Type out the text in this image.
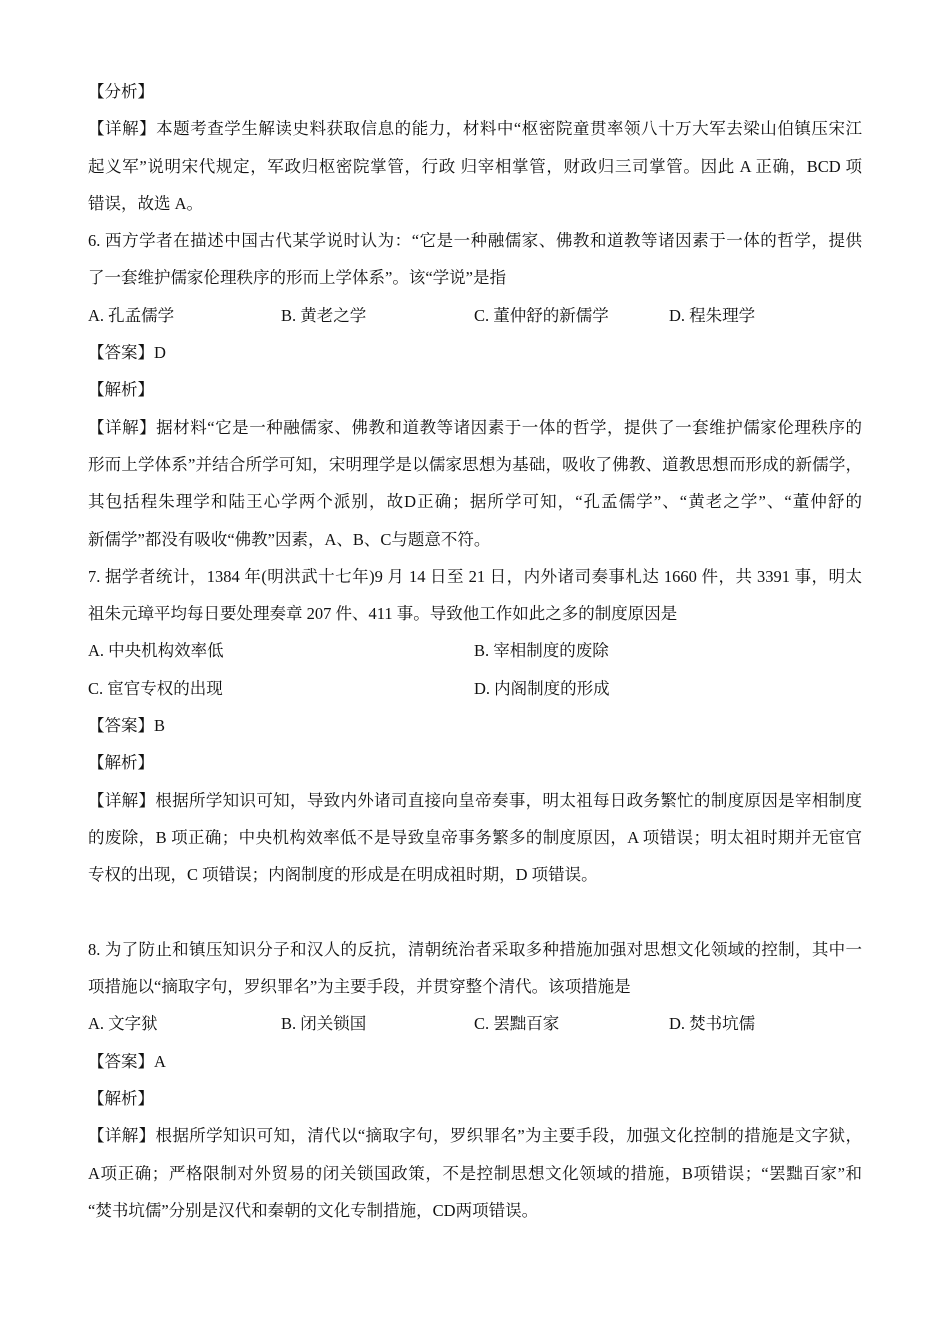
【分析】
【详解】本题考查学生解读史料获取信息的能力，材料中“枢密院童贯率领八十万大军去梁山伯镇压宋江
起义军”说明宋代规定，军政归枢密院掌管，行政 归宰相掌管，财政归三司掌管。因此 A 正确，BCD 项
错误，故选 A。
6. 西方学者在描述中国古代某学说时认为：“它是一种融儒家、佛教和道教等诸因素于一体的哲学，提供
了一套维护儒家伦理秩序的形而上学体系”。该“学说”是指
A. 孔孟儒学	B. 黄老之学	C. 董仲舒的新儒学	D. 程朱理学
【答案】D
【解析】
【详解】据材料“它是一种融儒家、佛教和道教等诸因素于一体的哲学，提供了一套维护儒家伦理秩序的
形而上学体系”并结合所学可知，宋明理学是以儒家思想为基础，吸收了佛教、道教思想而形成的新儒学，
其包括程朱理学和陆王心学两个派别，故D正确；据所学可知，“孔孟儒学”、“黄老之学”、“董仲舒的
新儒学”都没有吸收“佛教”因素，A、B、C与题意不符。
7. 据学者统计，1384 年(明洪武十七年)9 月 14 日至 21 日，内外诸司奏事札达 1660 件，共 3391 事，明太
祖朱元璋平均每日要处理奏章 207 件、411 事。导致他工作如此之多的制度原因是
A. 中央机构效率低	B. 宰相制度的废除
C. 宦官专权的出现	D. 内阁制度的形成
【答案】B
【解析】
【详解】根据所学知识可知，导致内外诸司直接向皇帝奏事，明太祖每日政务繁忙的制度原因是宰相制度
的废除，B 项正确；中央机构效率低不是导致皇帝事务繁多的制度原因，A 项错误；明太祖时期并无宦官
专权的出现，C 项错误；内阁制度的形成是在明成祖时期，D 项错误。
8. 为了防止和镇压知识分子和汉人的反抗，清朝统治者采取多种措施加强对思想文化领域的控制，其中一
项措施以“摘取字句，罗织罪名”为主要手段，并贯穿整个清代。该项措施是
A. 文字狱	B. 闭关锁国	C. 罢黜百家	D. 焚书坑儒
【答案】A
【解析】
【详解】根据所学知识可知，清代以“摘取字句，罗织罪名”为主要手段，加强文化控制的措施是文字狱，
A项正确；严格限制对外贸易的闭关锁国政策，不是控制思想文化领域的措施，B项错误；“罢黜百家”和
“焚书坑儒”分别是汉代和秦朝的文化专制措施，CD两项错误。
